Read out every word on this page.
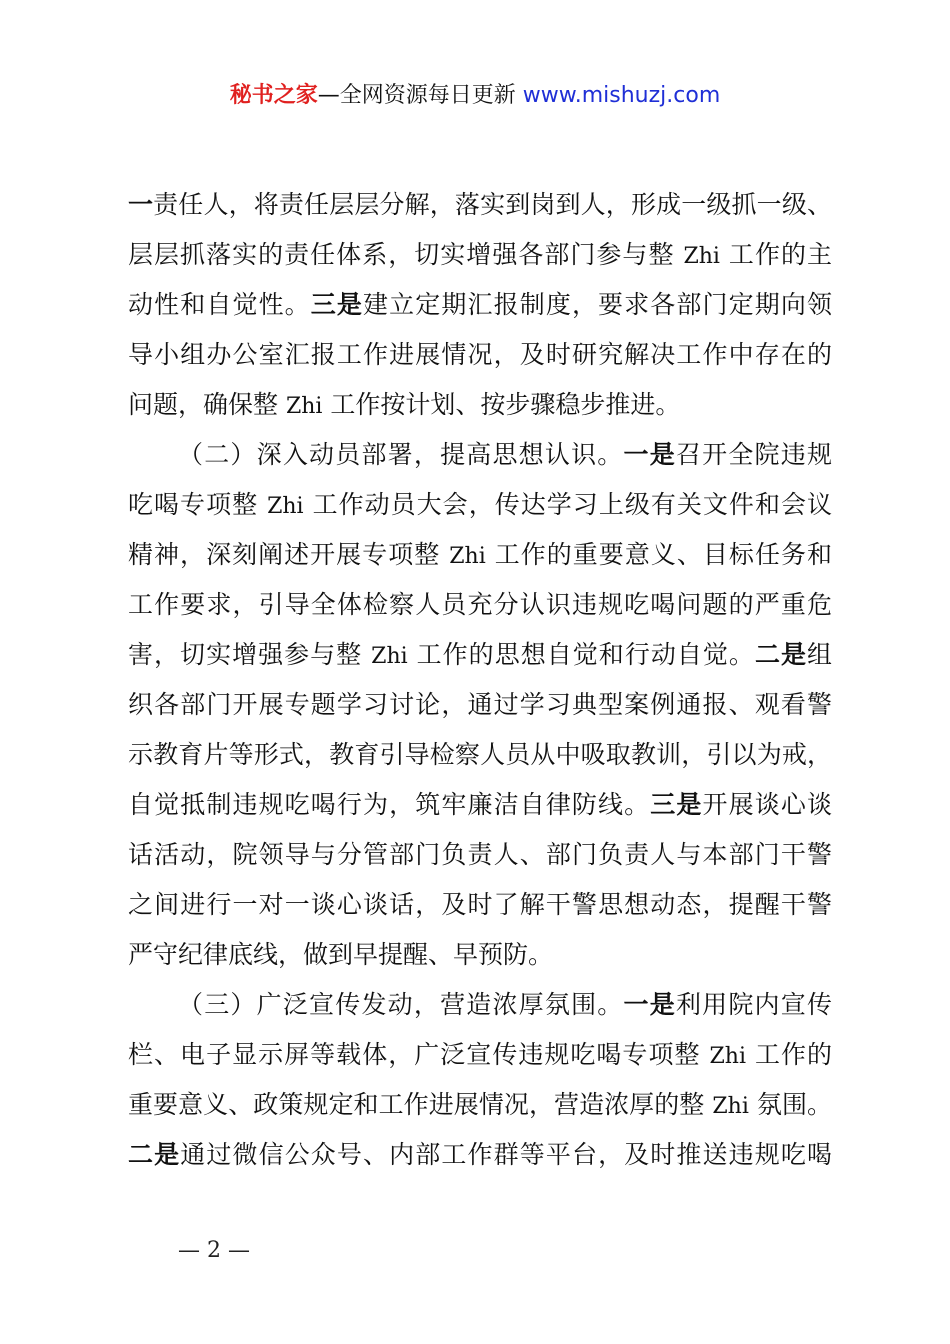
秘书之家—全网资源每日更新 www.mishuzj.com
一责任人，将责任层层分解，落实到岗到人，形成一级抓一级、
层层抓落实的责任体系，切实增强各部门参与整 Zhi 工作的主
动性和自觉性。三是建立定期汇报制度，要求各部门定期向领
导小组办公室汇报工作进展情况，及时研究解决工作中存在的
问题，确保整 Zhi 工作按计划、按步骤稳步推进。
（二）深入动员部署，提高思想认识。一是召开全院违规
吃喝专项整 Zhi 工作动员大会，传达学习上级有关文件和会议
精神，深刻阐述开展专项整 Zhi 工作的重要意义、目标任务和
工作要求，引导全体检察人员充分认识违规吃喝问题的严重危
害，切实增强参与整 Zhi 工作的思想自觉和行动自觉。二是组
织各部门开展专题学习讨论，通过学习典型案例通报、观看警
示教育片等形式，教育引导检察人员从中吸取教训，引以为戒，
自觉抵制违规吃喝行为，筑牢廉洁自律防线。三是开展谈心谈
话活动，院领导与分管部门负责人、部门负责人与本部门干警
之间进行一对一谈心谈话，及时了解干警思想动态，提醒干警
严守纪律底线，做到早提醒、早预防。
（三）广泛宣传发动，营造浓厚氛围。一是利用院内宣传
栏、电子显示屏等载体，广泛宣传违规吃喝专项整 Zhi 工作的
重要意义、政策规定和工作进展情况，营造浓厚的整 Zhi 氛围。
二是通过微信公众号、内部工作群等平台，及时推送违规吃喝
— 2 —
